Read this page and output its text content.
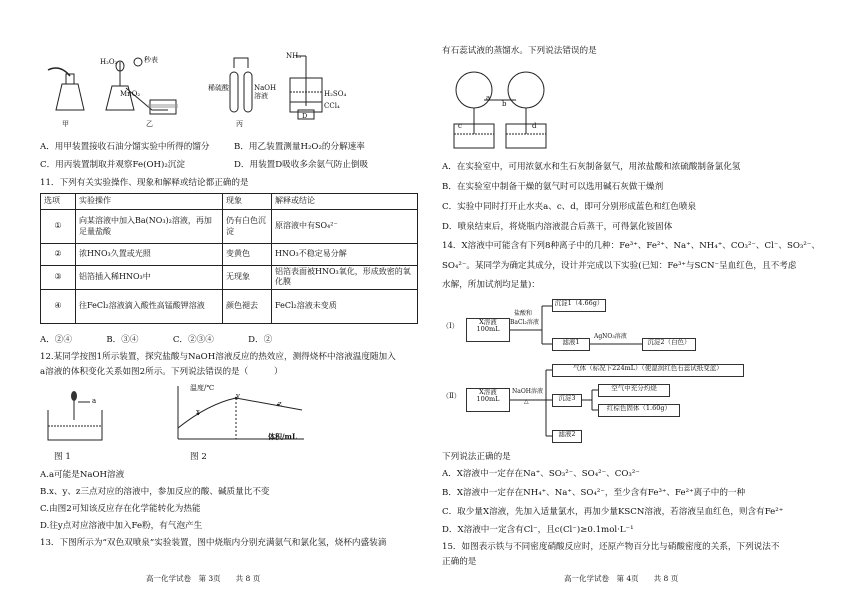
甲	乙	丙
D
H₂O₂	秒表
MnO₂
稀硫酸	NaOH
溶液
NH₃
H₂SO₄
CCl₄
A．用甲装置接收石油分馏实验中所得的馏分	B．用乙装置测量H₂O₂的分解速率
C．用丙装置制取并观察Fe(OH)₂沉淀	D．用装置D吸收多余氨气防止倒吸
11．下列有关实验操作、现象和解释或结论都正确的是
选项	实验操作	现象	解释或结论
①	向某溶液中加入Ba(NO₃)₂溶液，再加足量盐酸	仍有白色沉淀	原溶液中有SO₄²⁻
②	浓HNO₃久置或光照	变黄色	HNO₃不稳定易分解
③	铝箔插入稀HNO₃中	无现象	铝箔表面被HNO₃氧化，形成致密的氧化膜
④	往FeCl₂溶液滴入酸性高锰酸钾溶液	颜色褪去	FeCl₂溶液未变质
A．②④　　　　B．③④　　　　C．②③④　　　　D．②
12.某同学按图1所示装置，探究盐酸与NaOH溶液反应的热效应，测得烧杯中溶液温度随加入
a溶液的体积变化关系如图2所示。下列说法错误的是（　　　）
a
温度/℃
体积/mL
x
y
z
图 1	图 2
A.a可能是NaOH溶液
B.x、y、z三点对应的溶液中，参加反应的酸、碱质量比不变
C.由图2可知该反应存在化学能转化为热能
D.往y点对应溶液中加入Fe粉，有气泡产生
13．下图所示为“双色双喷泉”实验装置，图中烧瓶内分别充满氨气和氯化氢，烧杯内盛装滴
高一化学试卷　第 3页　　共 8 页
有石蕊试液的蒸馏水。下列说法错误的是
a
b
c	d
A．在实验室中，可用浓氨水和生石灰制备氨气，用浓盐酸和浓硫酸制备氯化氢
B．在实验室中制备干燥的氨气时可以选用碱石灰做干燥剂
C．实验中同时打开止水夹a、c、d，即可分别形成蓝色和红色喷泉
D．喷泉结束后，将烧瓶内溶液混合后蒸干，可得氯化铵固体
14．X溶液中可能含有下列8种离子中的几种：Fe³⁺、Fe²⁺、Na⁺、NH₄⁺、CO₃²⁻、Cl⁻、SO₃²⁻、
SO₄²⁻。某同学为确定其成分，设计并完成以下实验(已知：Fe³⁺与SCN⁻呈血红色，且不考虑
水解，所加试剂均足量)：
（Ⅰ）	X溶液
100mL
盐酸和
BaCl₂溶液
沉淀1（4.66g）
滤液1
AgNO₃溶液
沉淀2（白色）
（Ⅱ）	X溶液
100mL
NaOH溶液
△
气体（标况下224mL）（使湿润红色石蕊试纸变蓝）
沉淀3
空气中充分灼烧
红棕色固体（1.60g）
滤液2
下列说法正确的是
A．X溶液中一定存在Na⁺、SO₃²⁻、SO₄²⁻、CO₃²⁻
B．X溶液中一定存在NH₄⁺、Na⁺、SO₄²⁻，至少含有Fe³⁺、Fe²⁺离子中的一种
C．取少量X溶液，先加入适量氯水，再加少量KSCN溶液，若溶液呈血红色，则含有Fe²⁺
D．X溶液中一定含有Cl⁻，且c(Cl⁻)≥0.1mol·L⁻¹
15．如图表示铁与不同密度硝酸反应时，还原产物百分比与硝酸密度的关系，下列说法不
正确的是
高一化学试卷　第 4页　　共 8 页
